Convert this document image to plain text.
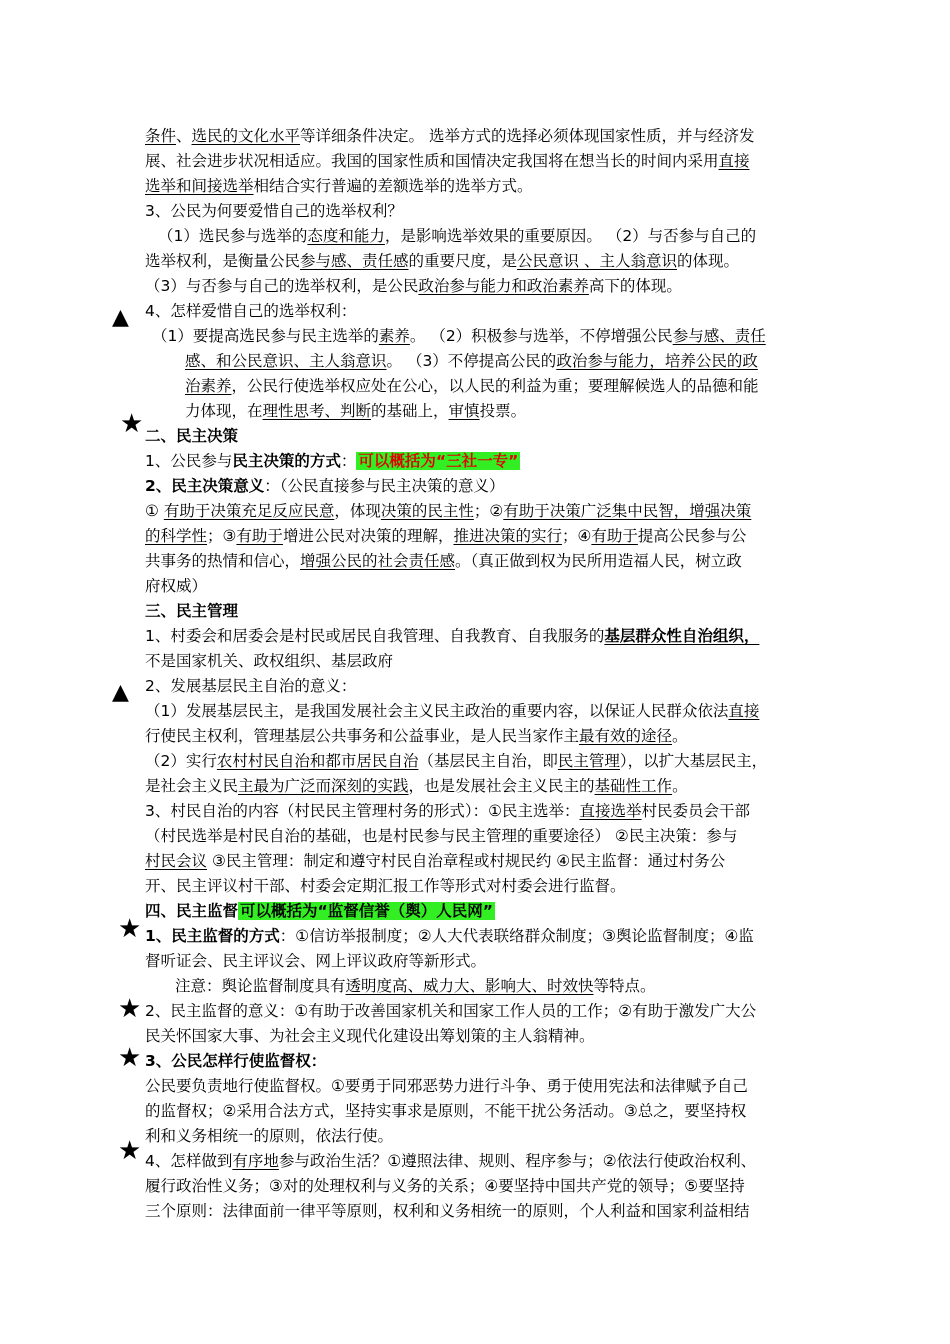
条件、选民的文化水平等详细条件决定。 选举方式的选择必须体现国家性质，并与经济发
展、社会进步状况相适应。我国的国家性质和国情决定我国将在想当长的时间内采用直接
选举和间接选举相结合实行普遍的差额选举的选举方式。
3、公民为何要爱惜自己的选举权利？
（1）选民参与选举的态度和能力，是影响选举效果的重要原因。 （2）与否参与自己的
选举权利，是衡量公民参与感、责任感的重要尺度，是公民意识 、主人翁意识的体现。
（3）与否参与自己的选举权利，是公民政治参与能力和政治素养高下的体现。
4、怎样爱惜自己的选举权利：
（1）要提高选民参与民主选举的素养。 （2）积极参与选举，不停增强公民参与感、责任
感、和公民意识、主人翁意识。 （3）不停提高公民的政治参与能力，培养公民的政
治素养，公民行使选举权应处在公心，以人民的利益为重；要理解候选人的品德和能
力体现，在理性思考、判断的基础上，审慎投票。
二、民主决策
1、公民参与民主决策的方式： 可以概括为“三社一专”
2、民主决策意义：（公民直接参与民主决策的意义）
① 有助于决策充足反应民意，体现决策的民主性；②有助于决策广泛集中民智，增强决策
的科学性；③有助于增进公民对决策的理解，推进决策的实行；④有助于提高公民参与公
共事务的热情和信心，增强公民的社会责任感。（真正做到权为民所用造福人民，树立政
府权威）
三、民主管理
1、村委会和居委会是村民或居民自我管理、自我教育、自我服务的基层群众性自治组织，
不是国家机关、政权组织、基层政府
2、发展基层民主自治的意义：
（1）发展基层民主，是我国发展社会主义民主政治的重要内容，以保证人民群众依法直接
行使民主权利，管理基层公共事务和公益事业，是人民当家作主最有效的途径。
（2）实行农村村民自治和都市居民自治（基层民主自治，即民主管理），以扩大基层民主，
是社会主义民主最为广泛而深刻的实践，也是发展社会主义民主的基础性工作。
3、村民自治的内容（村民民主管理村务的形式）：①民主选举：直接选举村民委员会干部
（村民选举是村民自治的基础，也是村民参与民主管理的重要途径） ②民主决策：参与
村民会议 ③民主管理：制定和遵守村民自治章程或村规民约 ④民主监督：通过村务公
开、民主评议村干部、村委会定期汇报工作等形式对村委会进行监督。
四、民主监督 可以概括为“监督信誉（舆）人民网”
1、民主监督的方式：①信访举报制度；②人大代表联络群众制度；③舆论监督制度；④监
督听证会、民主评议会、网上评议政府等新形式。
注意：舆论监督制度具有透明度高、威力大、影响大、时效快等特点。
2、民主监督的意义：①有助于改善国家机关和国家工作人员的工作；②有助于激发广大公
民关怀国家大事、为社会主义现代化建设出筹划策的主人翁精神。
3、公民怎样行使监督权：
公民要负责地行使监督权。①要勇于同邪恶势力进行斗争、勇于使用宪法和法律赋予自己
的监督权；②采用合法方式，坚持实事求是原则，不能干扰公务活动。③总之，要坚持权
利和义务相统一的原则，依法行使。
4、怎样做到有序地参与政治生活？①遵照法律、规则、程序参与；②依法行使政治权利、
履行政治性义务；③对的处理权利与义务的关系；④要坚持中国共产党的领导；⑤要坚持
三个原则：法律面前一律平等原则，权利和义务相统一的原则，个人利益和国家利益相结
▲
★
▲
★
★
★
★
